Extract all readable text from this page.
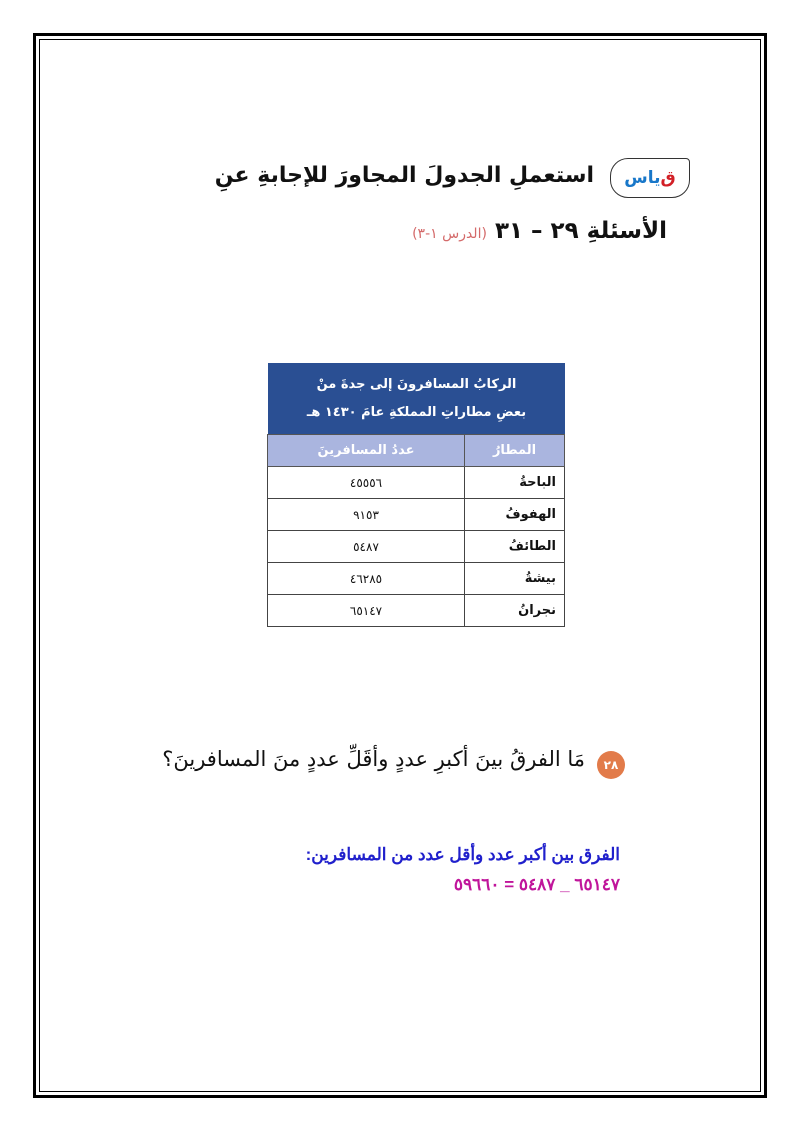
ق
ياس
استعملِ الجدولَ المجاورَ للإجابةِ عنِ
الأسئلةِ ٢٩ – ٣١ (الدرس ١-٣)
الركابُ المسافرونَ إلى جدةَ منْ
بعضِ مطاراتِ المملكةِ عامَ ١٤٣٠ هـ
المطارُ	عددُ المسافرينَ
الباحةُ	٤٥٥٥٦
الهفوفُ	٩١٥٣
الطائفُ	٥٤٨٧
بيشةُ	٤٦٢٨٥
نجرانُ	٦٥١٤٧
٢٨
مَا الفرقُ بينَ أكبرِ عددٍ وأقَلِّ عددٍ منَ المسافرينَ؟
الفرق بين أكبر عدد وأقل عدد من المسافرين:
٦٥١٤٧ _ ٥٤٨٧ = ٥٩٦٦٠
